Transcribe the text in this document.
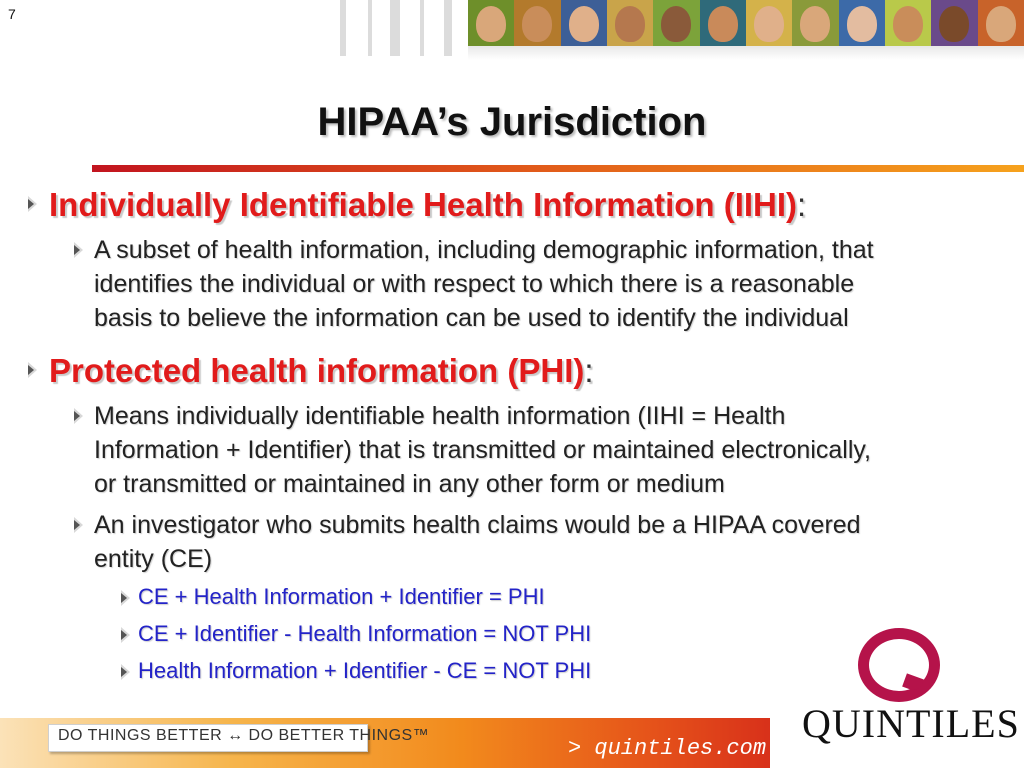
7
HIPAA’s Jurisdiction
Individually Identifiable Health Information (IIHI):
A subset of health information, including demographic information, that
identifies the individual or with respect to which there is a reasonable
basis to believe the information can be used to identify the individual
Protected health information (PHI):
Means individually identifiable health information (IIHI = Health
Information + Identifier) that is transmitted or maintained electronically,
or transmitted or maintained in any other form or medium
An investigator who submits health claims would be a HIPAA covered
entity (CE)
CE + Health Information + Identifier = PHI
CE + Identifier - Health Information = NOT PHI
Health Information + Identifier - CE = NOT PHI
DO THINGS BETTER ↔ DO BETTER THINGS™
> quintiles.com
QUINTILES
